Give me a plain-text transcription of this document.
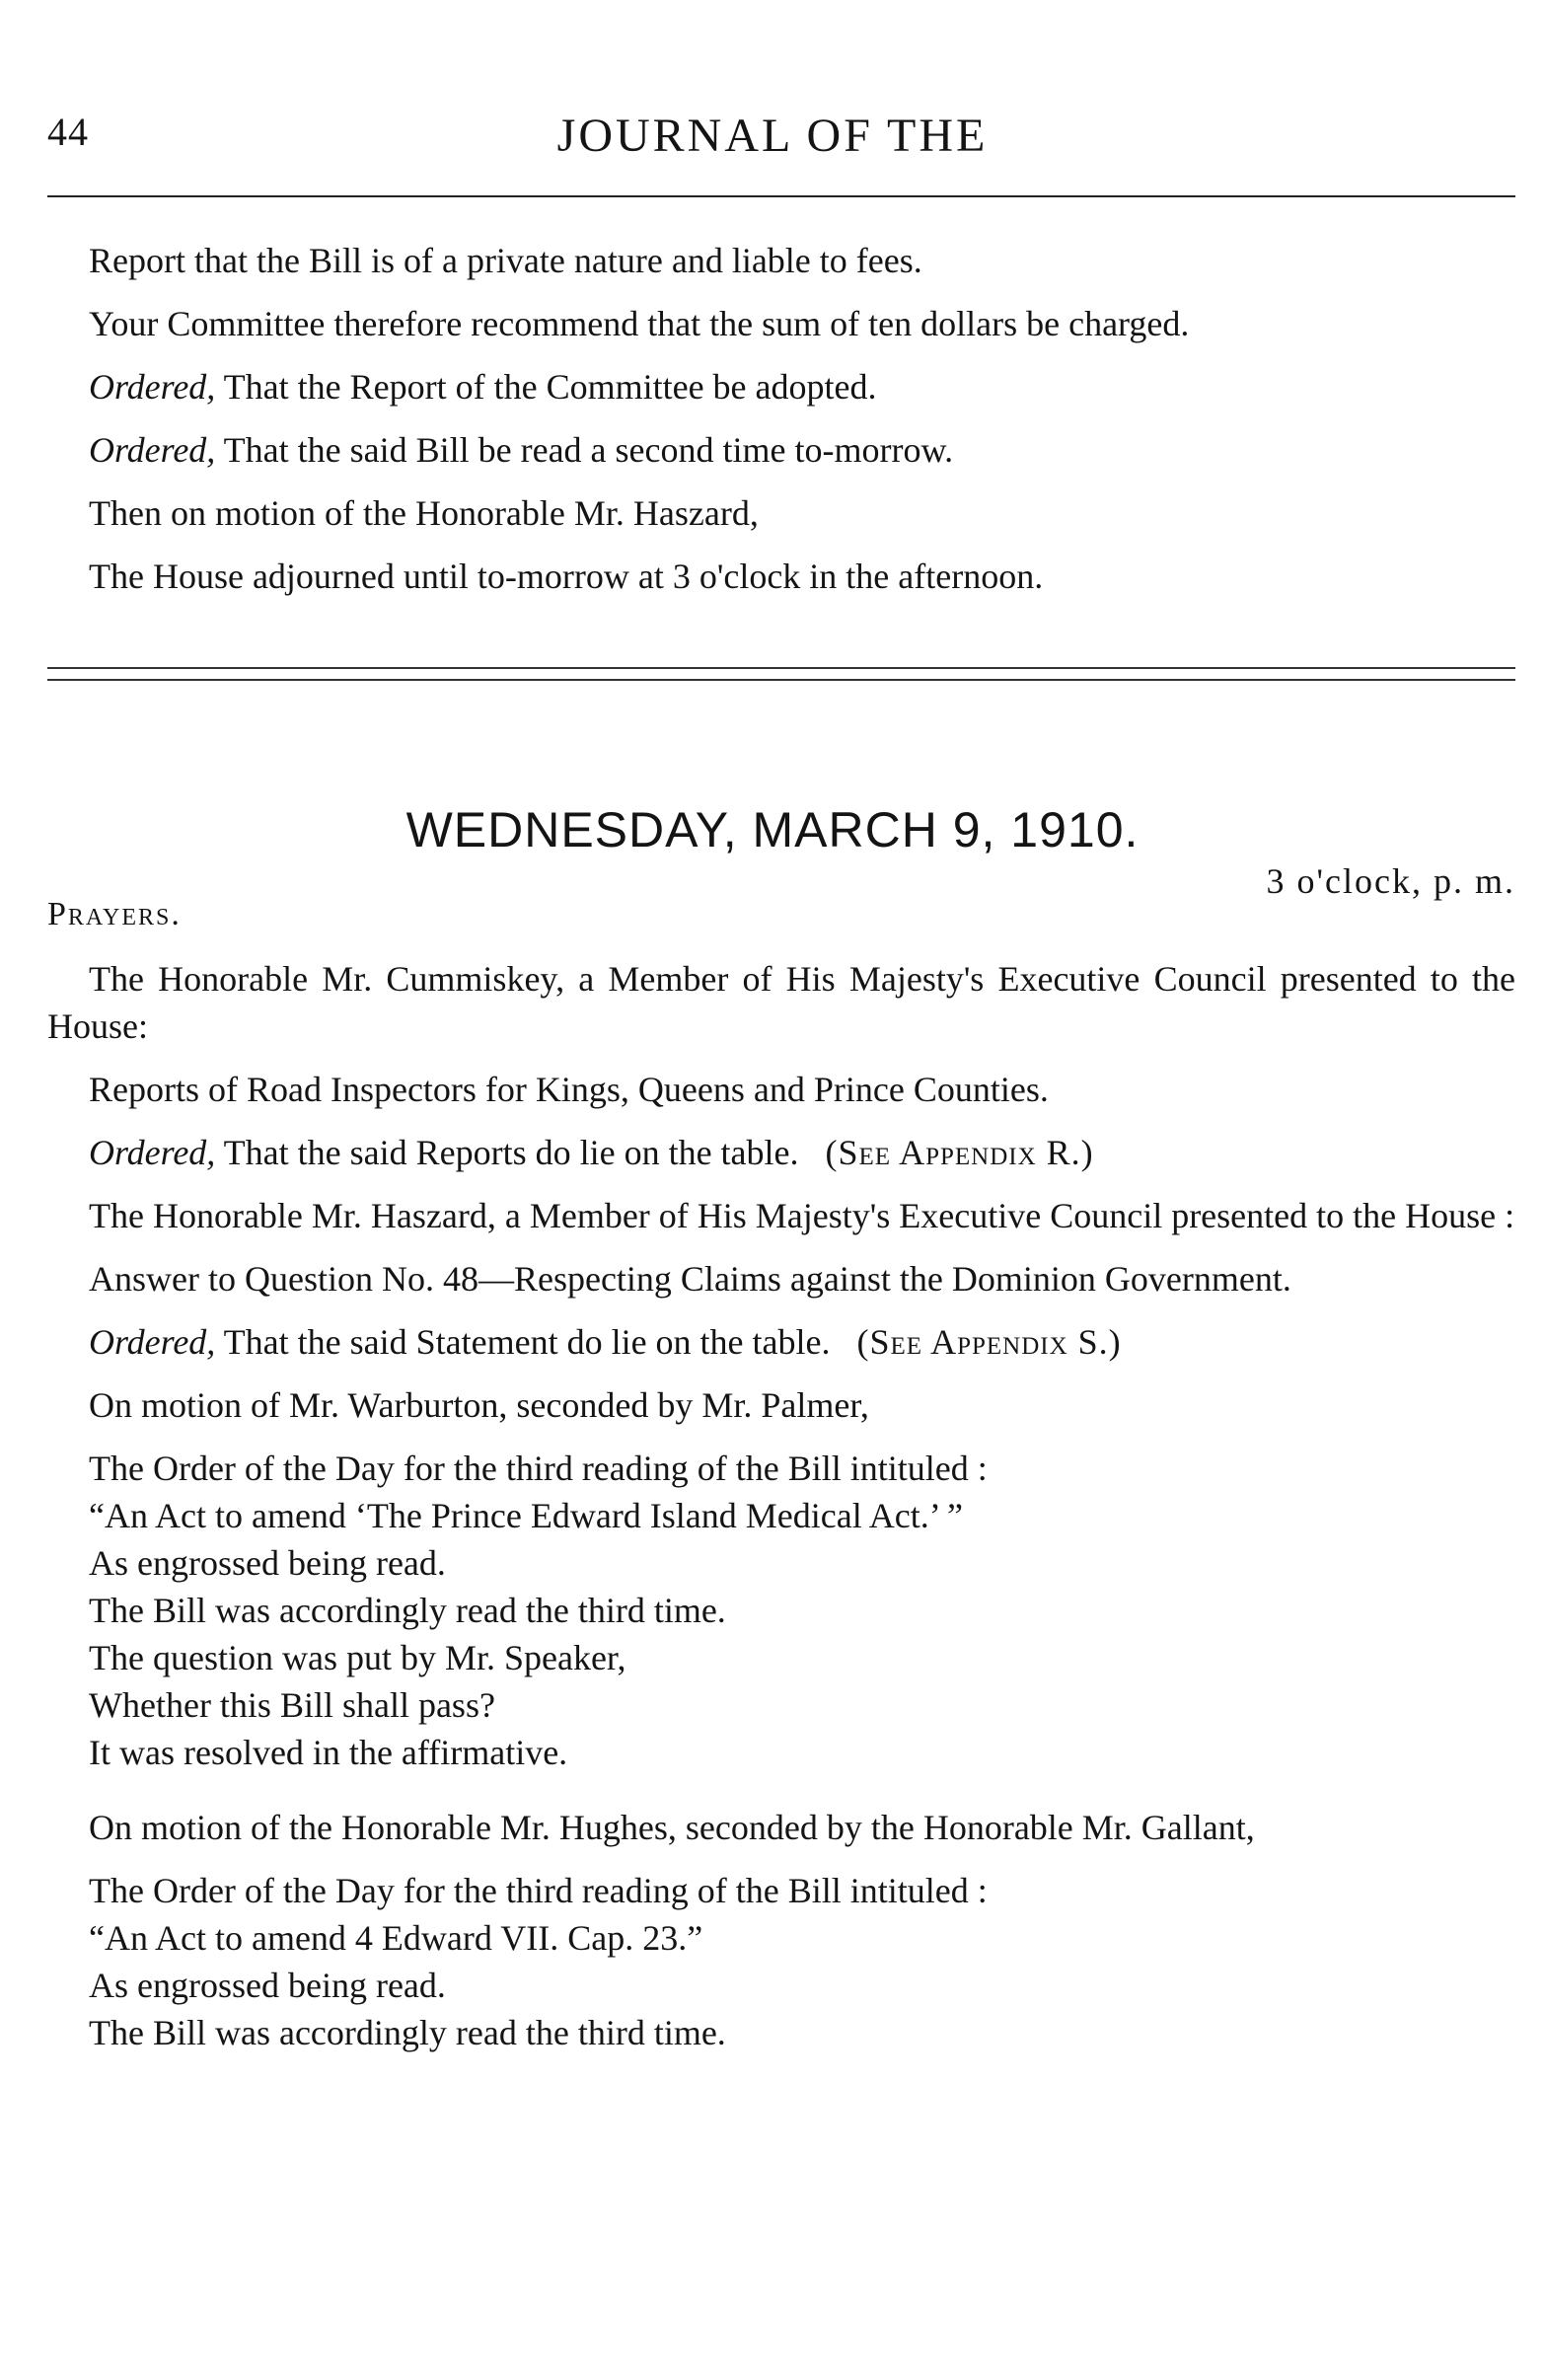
44	JOURNAL OF THE

Report that the Bill is of a private nature and liable to fees.

Your Committee therefore recommend that the sum of ten dollars be charged.

Ordered, That the Report of the Committee be adopted.

Ordered, That the said Bill be read a second time to-morrow.

Then on motion of the Honorable Mr. Haszard,

The House adjourned until to-morrow at 3 o'clock in the afternoon.

WEDNESDAY, MARCH 9, 1910.
3 o'clock, p. m.
Prayers.

The Honorable Mr. Cummiskey, a Member of His Majesty's Executive Council presented to the House:

Reports of Road Inspectors for Kings, Queens and Prince Counties.

Ordered, That the said Reports do lie on the table. (See Appendix R.)

The Honorable Mr. Haszard, a Member of His Majesty's Executive Council presented to the House :

Answer to Question No. 48—Respecting Claims against the Dominion Government.

Ordered, That the said Statement do lie on the table. (See Appendix S.)

On motion of Mr. Warburton, seconded by Mr. Palmer,

The Order of the Day for the third reading of the Bill intituled :

“An Act to amend ‘The Prince Edward Island Medical Act.’ ”

As engrossed being read.

The Bill was accordingly read the third time.

The question was put by Mr. Speaker,

Whether this Bill shall pass?

It was resolved in the affirmative.

On motion of the Honorable Mr. Hughes, seconded by the Honorable Mr. Gallant,

The Order of the Day for the third reading of the Bill intituled :

“An Act to amend 4 Edward VII. Cap. 23.”

As engrossed being read.

The Bill was accordingly read the third time.
